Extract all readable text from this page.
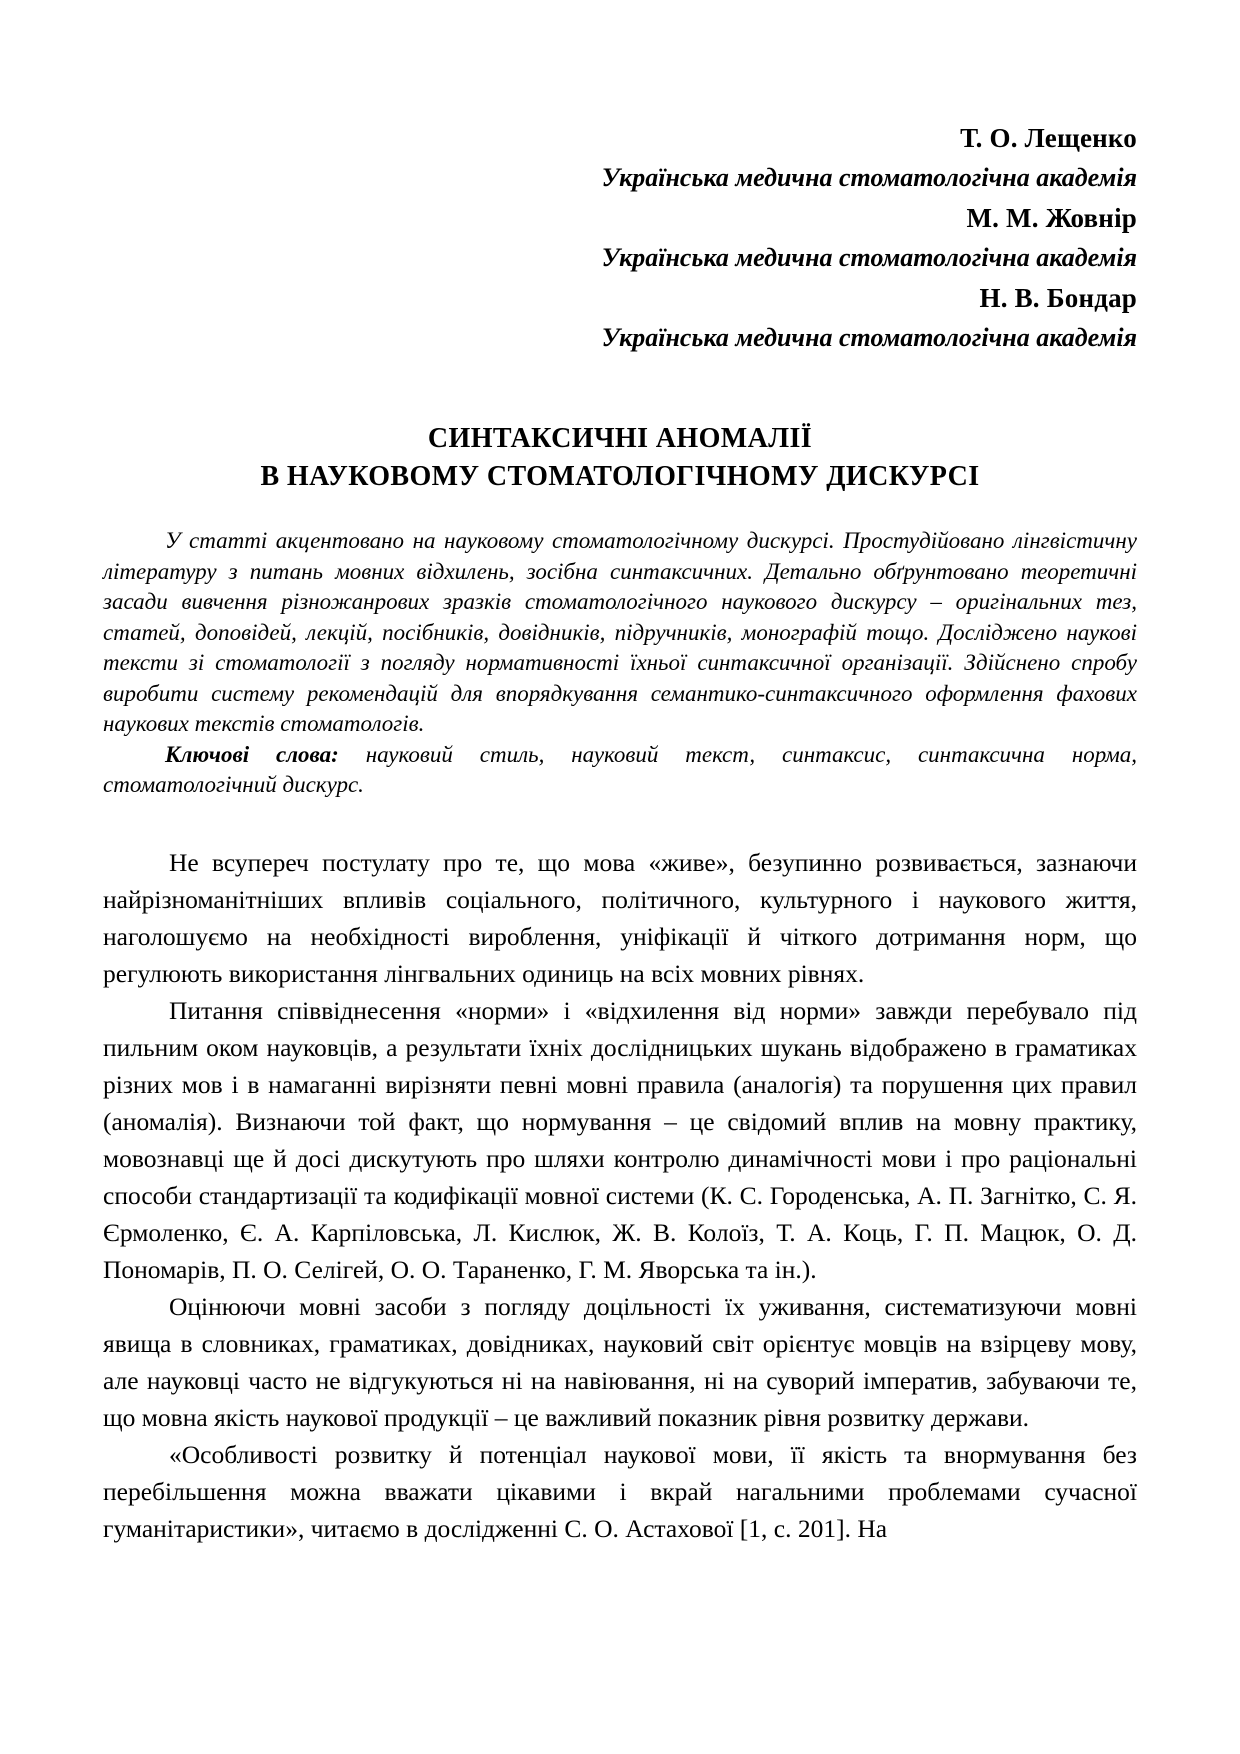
Т. О. Лещенко
Українська медична стоматологічна академія
М. М. Жовнір
Українська медична стоматологічна академія
Н. В. Бондар
Українська медична стоматологічна академія
СИНТАКСИЧНІ АНОМАЛІЇ
В НАУКОВОМУ СТОМАТОЛОГІЧНОМУ ДИСКУРСІ

У статті акцентовано на науковому стоматологічному дискурсі. Простудійовано лінгвістичну літературу з питань мовних відхилень, зосібна синтаксичних. Детально обґрунтовано теоретичні засади вивчення різножанрових зразків стоматологічного наукового дискурсу – оригінальних тез, статей, доповідей, лекцій, посібників, довідників, підручників, монографій тощо. Досліджено наукові тексти зі стоматології з погляду нормативності їхньої синтаксичної організації. Здійснено спробу виробити систему рекомендацій для впорядкування семантико-синтаксичного оформлення фахових наукових текстів стоматологів.

Ключові слова: науковий стиль, науковий текст, синтаксис, синтаксична норма, стоматологічний дискурс.

Не всупереч постулату про те, що мова «живе», безупинно розвивається, зазнаючи найрізноманітніших впливів соціального, політичного, культурного і наукового життя, наголошуємо на необхідності вироблення, уніфікації й чіткого дотримання норм, що регулюють використання лінгвальних одиниць на всіх мовних рівнях.

Питання співвіднесення «норми» і «відхилення від норми» завжди перебувало під пильним оком науковців, а результати їхніх дослідницьких шукань відображено в граматиках різних мов і в намаганні вирізняти певні мовні правила (аналогія) та порушення цих правил (аномалія). Визнаючи той факт, що нормування – це свідомий вплив на мовну практику, мовознавці ще й досі дискутують про шляхи контролю динамічності мови і про раціональні способи стандартизації та кодифікації мовної системи (К. С. Городенська, А. П. Загнітко, С. Я. Єрмоленко, Є. А. Карпіловська, Л. Кислюк, Ж. В. Колоїз, Т. А. Коць, Г. П. Мацюк, О. Д. Пономарів, П. О. Селігей, О. О. Тараненко, Г. М. Яворська та ін.).

Оцінюючи мовні засоби з погляду доцільності їх уживання, систематизуючи мовні явища в словниках, граматиках, довідниках, науковий світ орієнтує мовців на взірцеву мову, але науковці часто не відгукуються ні на навіювання, ні на суворий імператив, забуваючи те, що мовна якість наукової продукції – це важливий показник рівня розвитку держави.

«Особливості розвитку й потенціал наукової мови, її якість та внормування без перебільшення можна вважати цікавими і вкрай нагальними проблемами сучасної гуманітаристики», читаємо в дослідженні С. О. Астахової [1, с. 201]. На
